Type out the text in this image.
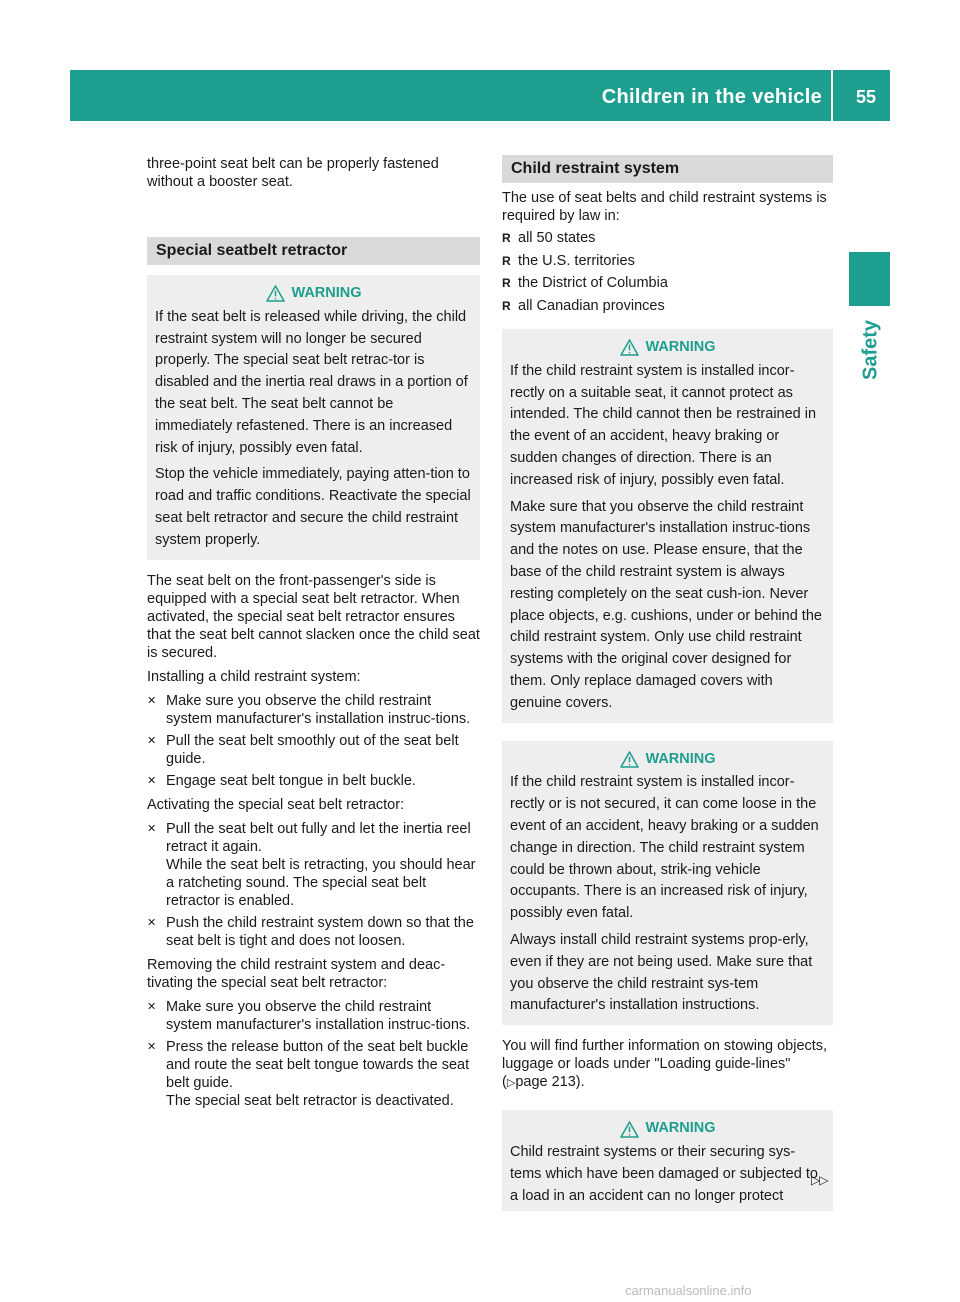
Children in the vehicle 55
Safety

three-point seat belt can be properly fastened without a booster seat.

Special seatbelt retractor
WARNING

If the seat belt is released while driving, the child restraint system will no longer be secured properly. The special seat belt retrac-tor is disabled and the inertia real draws in a portion of the seat belt. The seat belt cannot be immediately refastened. There is an increased risk of injury, possibly even fatal.

Stop the vehicle immediately, paying atten-tion to road and traffic conditions. Reactivate the special seat belt retractor and secure the child restraint system properly.

The seat belt on the front-passenger's side is equipped with a special seat belt retractor. When activated, the special seat belt retractor ensures that the seat belt cannot slacken once the child seat is secured.

Installing a child restraint system:

✕ Make sure you observe the child restraint system manufacturer's installation instruc-tions.
✕ Pull the seat belt smoothly out of the seat belt guide.
✕ Engage seat belt tongue in belt buckle.

Activating the special seat belt retractor:

✕ Pull the seat belt out fully and let the inertia reel retract it again.
While the seat belt is retracting, you should hear a ratcheting sound. The special seat belt retractor is enabled.
✕ Push the child restraint system down so that the seat belt is tight and does not loosen.

Removing the child restraint system and deac-tivating the special seat belt retractor:

✕ Make sure you observe the child restraint system manufacturer's installation instruc-tions.
✕ Press the release button of the seat belt buckle and route the seat belt tongue towards the seat belt guide.
The special seat belt retractor is deactivated.
Child restraint system

The use of seat belts and child restraint systems is required by law in:

R all 50 states
R the U.S. territories
R the District of Columbia
R all Canadian provinces
WARNING

If the child restraint system is installed incor-rectly on a suitable seat, it cannot protect as intended. The child cannot then be restrained in the event of an accident, heavy braking or sudden changes of direction. There is an increased risk of injury, possibly even fatal.

Make sure that you observe the child restraint system manufacturer's installation instruc-tions and the notes on use. Please ensure, that the base of the child restraint system is always resting completely on the seat cush-ion. Never place objects, e.g. cushions, under or behind the child restraint system. Only use child restraint systems with the original cover designed for them. Only replace damaged covers with genuine covers.

WARNING

If the child restraint system is installed incor-rectly or is not secured, it can come loose in the event of an accident, heavy braking or a sudden change in direction. The child restraint system could be thrown about, strik-ing vehicle occupants. There is an increased risk of injury, possibly even fatal.

Always install child restraint systems prop-erly, even if they are not being used. Make sure that you observe the child restraint sys-tem manufacturer's installation instructions.

You will find further information on stowing objects, luggage or loads under "Loading guide-lines" (▷page 213).

WARNING

Child restraint systems or their securing sys-tems which have been damaged or subjected to a load in an accident can no longer protect

▷▷
carmanualsonline.info
